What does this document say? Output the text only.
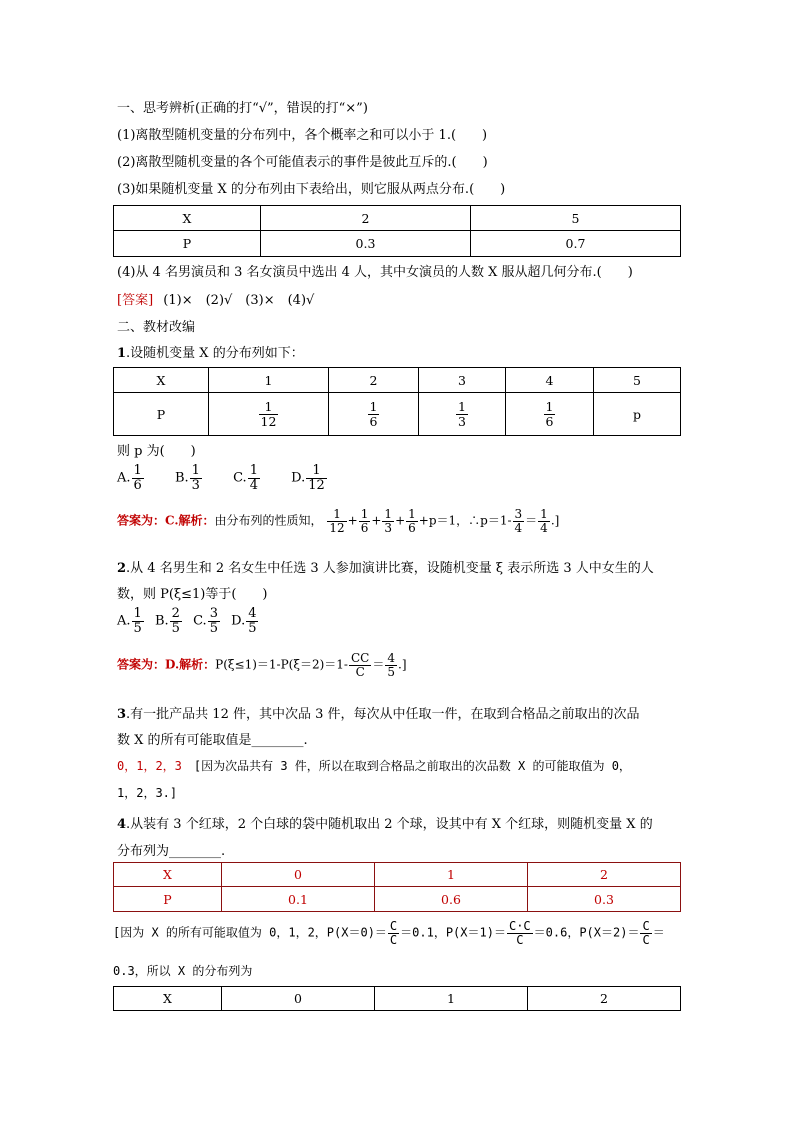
一、思考辨析(正确的打“√”，错误的打“×”)
(1)离散型随机变量的分布列中，各个概率之和可以小于 1.(　　)
(2)离散型随机变量的各个可能值表示的事件是彼此互斥的.(　　)
(3)如果随机变量 X 的分布列由下表给出，则它服从两点分布.(　　)
X	2	5
P	0.3	0.7
(4)从 4 名男演员和 3 名女演员中选出 4 人，其中女演员的人数 X 服从超几何分布.(　　)
[答案] (1)×　(2)√　(3)×　(4)√
二、教材改编
1.设随机变量 X 的分布列如下：
X	1	2	3	4	5
P	$\frac{1}{12}$	$\frac{1}{6}$	$\frac{1}{3}$	$\frac{1}{6}$	p
则 p 为(　　)
A. $\frac{1}{6} B$. $\frac{1}{3} C$. $\frac{1}{4} D$. $\frac{1}{12}$
答案为：C.解析：由分布列的性质知， $\frac{1}{12} + \frac{1}{6} + \frac{1}{3} + \frac{1}{6} +p=1$，∴p＝1- $\frac{3}{4} = \frac{1}{4}$ .]
2.从 4 名男生和 2 名女生中任选 3 人参加演讲比赛，设随机变量 ξ 表示所选 3 人中女生的人
数，则 P(ξ≤1)等于(　　)
A. $\frac{1}{5} B$. $\frac{2}{5} C$. $\frac{3}{5} D$. $\frac{4}{5}$
答案为：D.解析：$P(\xi\le 1)=1-P(\xi=2)=1- \frac{CC}{C} = \frac{4}{5}$ .]
3.有一批产品共 12 件，其中次品 3 件，每次从中任取一件，在取到合格品之前取出的次品
数 X 的所有可能取值是________.
0，1，2，3　[因为次品共有 3 件，所以在取到合格品之前取出的次品数 X 的可能取值为 0，
1，2，3.]
4.从装有 3 个红球，2 个白球的袋中随机取出 2 个球，设其中有 X 个红球，则随机变量 X 的
分布列为________.
X	0	1	2
P	0.1	0.6	0.3
[因为 X 的所有可能取值为 0，1，2，$P(X=0)= \frac{C}{C} =0.1$，$P(X=1)= \frac{C\cdot C}{C} =0.6$，$P(X=2)= \frac{C}{C}$ ＝
0.3，所以 X 的分布列为
X	0	1	2
